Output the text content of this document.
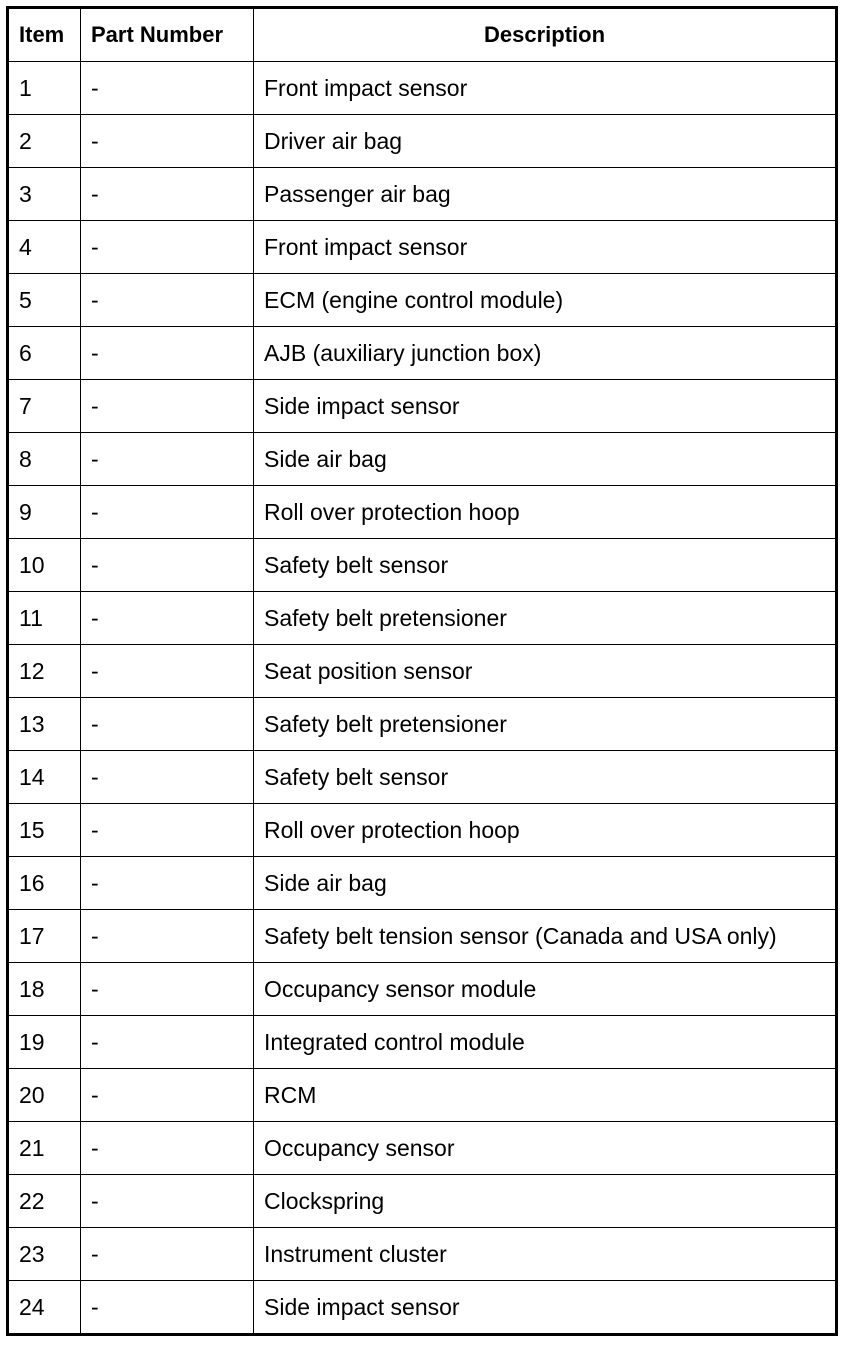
Item	Part Number	Description
1	-	Front impact sensor
2	-	Driver air bag
3	-	Passenger air bag
4	-	Front impact sensor
5	-	ECM (engine control module)
6	-	AJB (auxiliary junction box)
7	-	Side impact sensor
8	-	Side air bag
9	-	Roll over protection hoop
10	-	Safety belt sensor
11	-	Safety belt pretensioner
12	-	Seat position sensor
13	-	Safety belt pretensioner
14	-	Safety belt sensor
15	-	Roll over protection hoop
16	-	Side air bag
17	-	Safety belt tension sensor (Canada and USA only)
18	-	Occupancy sensor module
19	-	Integrated control module
20	-	RCM
21	-	Occupancy sensor
22	-	Clockspring
23	-	Instrument cluster
24	-	Side impact sensor
